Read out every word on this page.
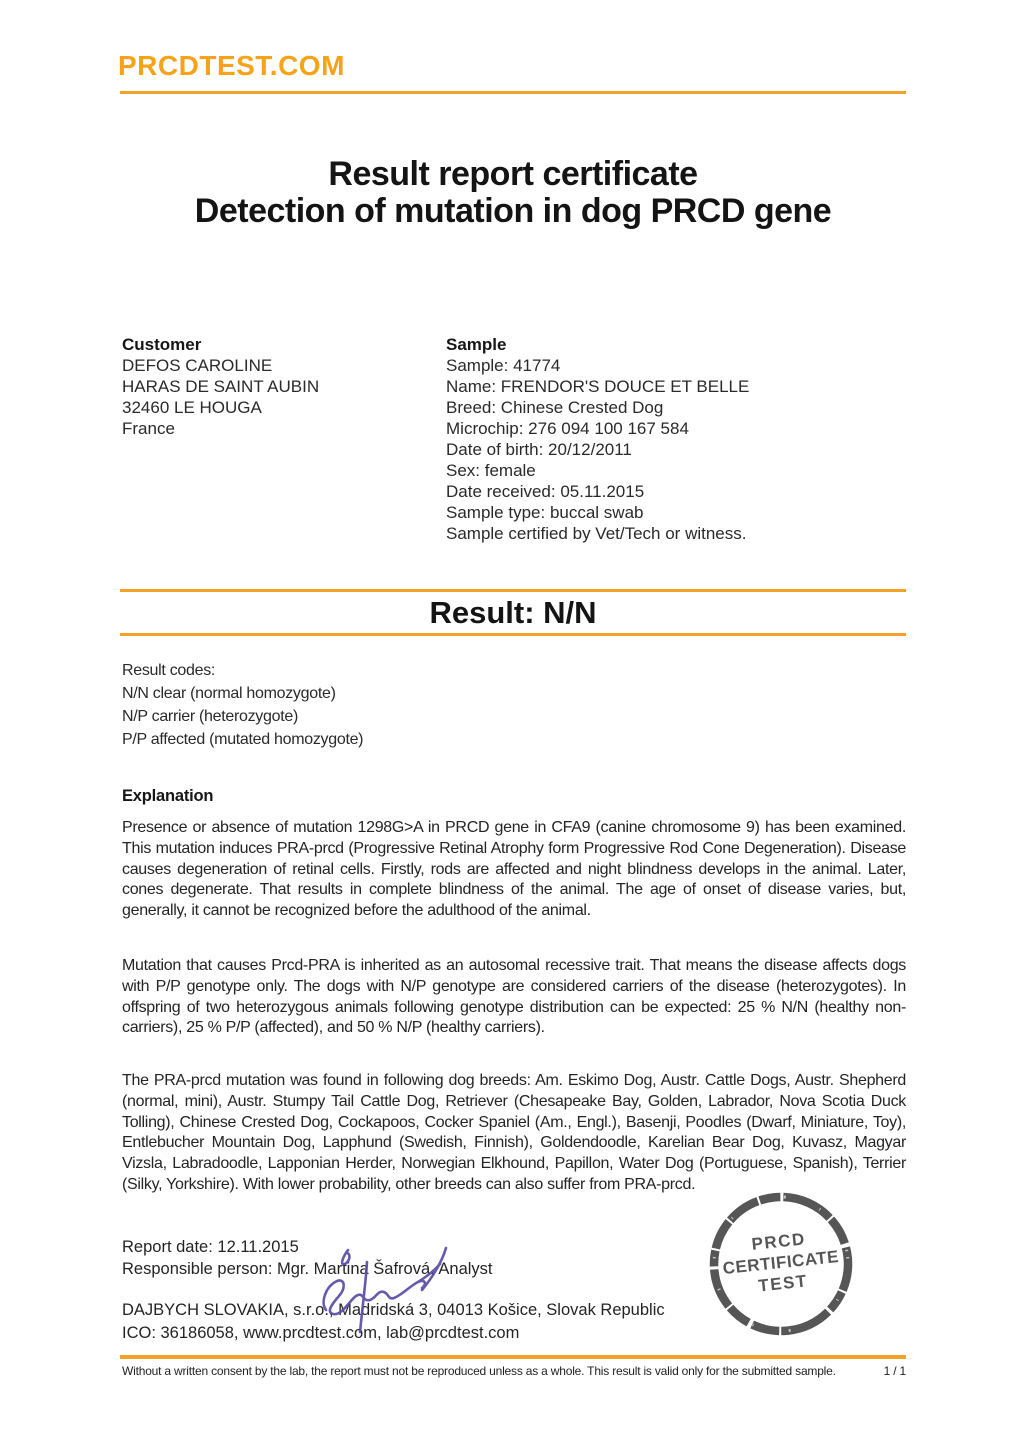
PRCDTEST.COM
Result report certificate
Detection of mutation in dog PRCD gene
Customer
DEFOS CAROLINE
HARAS DE SAINT AUBIN
32460 LE HOUGA
France
Sample
Sample: 41774
Name: FRENDOR'S DOUCE ET BELLE
Breed: Chinese Crested Dog
Microchip: 276 094 100 167 584
Date of birth: 20/12/2011
Sex: female
Date received: 05.11.2015
Sample type: buccal swab
Sample certified by Vet/Tech or witness.
Result: N/N
Result codes:
N/N clear (normal homozygote)
N/P carrier (heterozygote)
P/P affected (mutated homozygote)
Explanation
Presence or absence of mutation 1298G>A in PRCD gene in CFA9 (canine chromosome 9) has been examined. This mutation induces PRA-prcd (Progressive Retinal Atrophy form Progressive Rod Cone Degeneration). Disease causes degeneration of retinal cells. Firstly, rods are affected and night blindness develops in the animal. Later, cones degenerate. That results in complete blindness of the animal. The age of onset of disease varies, but, generally, it cannot be recognized before the adulthood of the animal.
Mutation that causes Prcd-PRA is inherited as an autosomal recessive trait. That means the disease affects dogs with P/P genotype only. The dogs with N/P genotype are considered carriers of the disease (heterozygotes). In offspring of two heterozygous animals following genotype distribution can be expected: 25 % N/N (healthy non-carriers), 25 % P/P (affected), and 50 % N/P (healthy carriers).
The PRA-prcd mutation was found in following dog breeds: Am. Eskimo Dog, Austr. Cattle Dogs, Austr. Shepherd (normal, mini), Austr. Stumpy Tail Cattle Dog, Retriever (Chesapeake Bay, Golden, Labrador, Nova Scotia Duck Tolling), Chinese Crested Dog, Cockapoos, Cocker Spaniel (Am., Engl.), Basenji, Poodles (Dwarf, Miniature, Toy), Entlebucher Mountain Dog, Lapphund (Swedish, Finnish), Goldendoodle, Karelian Bear Dog, Kuvasz, Magyar Vizsla, Labradoodle, Lapponian Herder, Norwegian Elkhound, Papillon, Water Dog (Portuguese, Spanish), Terrier (Silky, Yorkshire). With lower probability, other breeds can also suffer from PRA-prcd.
Report date: 12.11.2015
Responsible person: Mgr. Martina Šafrová, Analyst
DAJBYCH SLOVAKIA, s.r.o., Madridská 3, 04013 Košice, Slovak Republic
ICO: 36186058, www.prcdtest.com, lab@prcdtest.com
PRCD
CERTIFICATE
TEST
Without a written consent by the lab, the report must not be reproduced unless as a whole. This result is valid only for the submitted sample.	1 / 1
